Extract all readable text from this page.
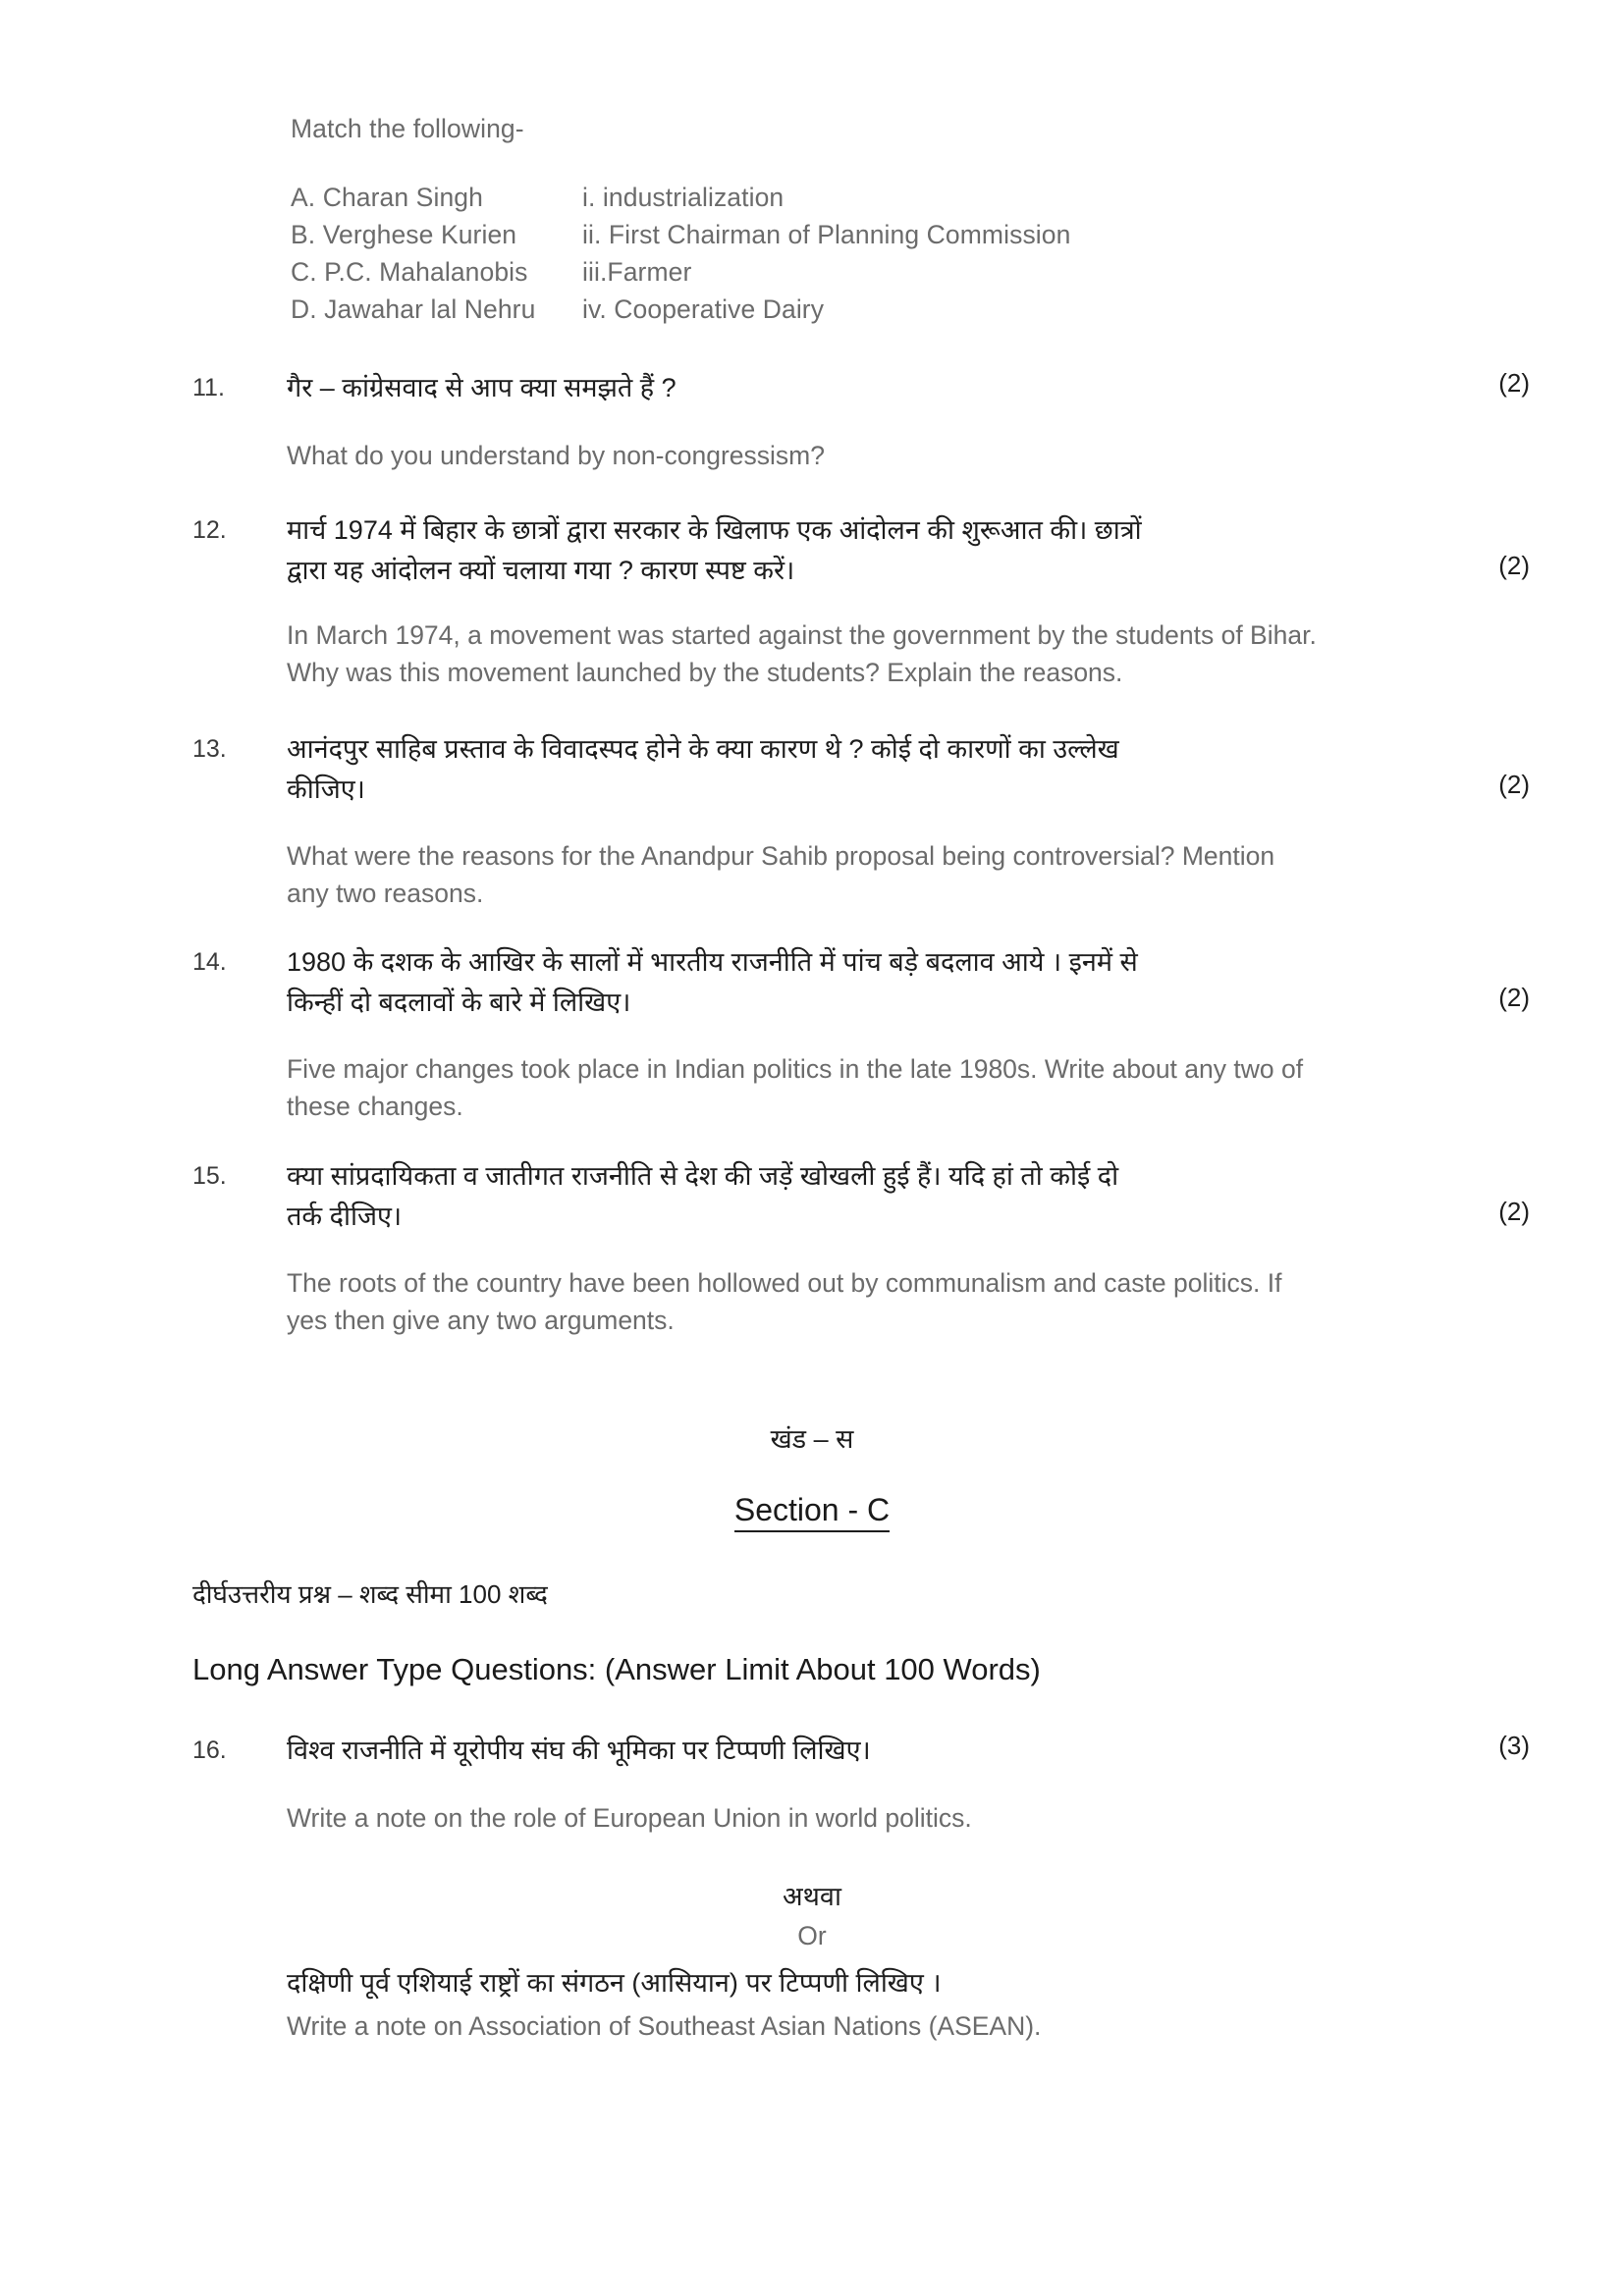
Match the following-
A. Charan Singh	i. industrialization
B. Verghese Kurien	ii. First Chairman of Planning Commission
C. P.C. Mahalanobis	iii.Farmer
D. Jawahar lal Nehru	iv. Cooperative Dairy
11.	गैर – कांग्रेसवाद से आप क्या समझते हैं ?	(2)
What do you understand by non-congressism?
12.	मार्च 1974 में बिहार के छात्रों द्वारा सरकार के खिलाफ एक आंदोलन की शुरूआत की। छात्रों
द्वारा यह आंदोलन क्यों चलाया गया ? कारण स्पष्ट करें।	(2)
In March 1974, a movement was started against the government by the students of Bihar.
Why was this movement launched by the students? Explain the reasons.
13.	आनंदपुर साहिब प्रस्ताव के विवादस्पद होने के क्या कारण थे ? कोई दो कारणों का उल्लेख
कीजिए।	(2)
What were the reasons for the Anandpur Sahib proposal being controversial? Mention
any two reasons.
14.	1980 के दशक के आखिर के सालों में भारतीय राजनीति में पांच बड़े बदलाव आये । इनमें से
किन्हीं दो बदलावों के बारे में लिखिए।	(2)
Five major changes took place in Indian politics in the late 1980s. Write about any two of
these changes.
15.	क्या सांप्रदायिकता व जातीगत राजनीति से देश की जड़ें खोखली हुई हैं। यदि हां तो कोई दो
तर्क दीजिए।	(2)
The roots of the country have been hollowed out by communalism and caste politics. If
yes then give any two arguments.
खंड – स
Section - C
दीर्घउत्तरीय प्रश्न – शब्द सीमा 100 शब्द
Long Answer Type Questions: (Answer Limit About 100 Words)
16.	विश्व राजनीति में यूरोपीय संघ की भूमिका पर टिप्पणी लिखिए।	(3)
Write a note on the role of European Union in world politics.
अथवा
Or
दक्षिणी पूर्व एशियाई राष्ट्रों का संगठन (आसियान) पर टिप्पणी लिखिए ।
Write a note on Association of Southeast Asian Nations (ASEAN).
